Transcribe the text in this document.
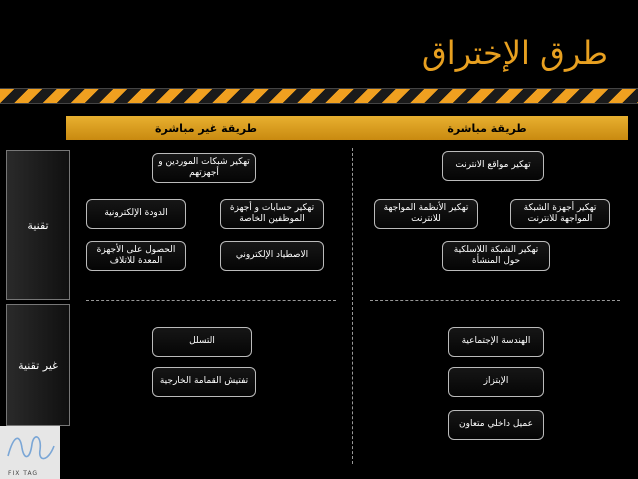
طرق الإختراق
طريقة غير مباشرة	طريقة مباشرة
تقنية
غير تقنية
تهكير مواقع الانترنت
تهكير أجهزة الشبكة المواجهة للانترنت
تهكير الأنظمة المواجهة للانترنت
تهكير الشبكة اللاسلكية حول المنشأة
تهكير شبكات الموردين و أجهزتهم
تهكير حسابات و أجهزة الموظفين الخاصة
الدودة الإلكترونية
الاصطياد الإلكتروني
الحصول على الأجهزة المعدة للاتلاف
الهندسة الإجتماعية
الإبتزاز
عميل داخلي متعاون
التسلل
تفتيش القمامة الخارجية
FIX TAG
